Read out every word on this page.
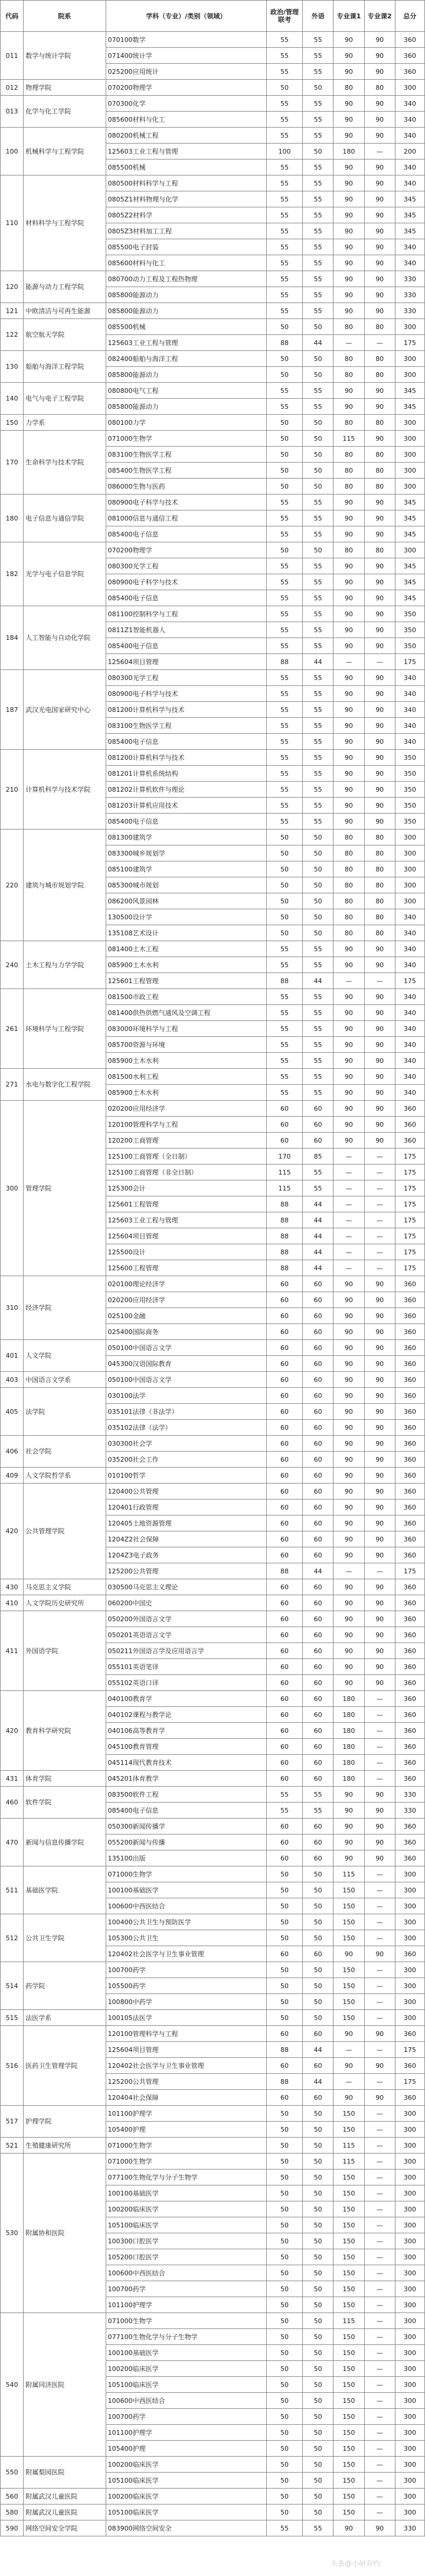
代码	院系	学科（专业）/类别（领域）	政治/管理联考	外语	专业课1	专业课2	总分
011	数学与统计学院	070100数学	55	55	90	90	360
		071400统计学	55	55	90	90	360
		025200应用统计	55	55	90	90	360
012	物理学院	070200物理学	50	50	80	80	300
013	化学与化工学院	070300化学	55	55	90	90	340
		085600材料与化工	55	55	90	90	340
100	机械科学与工程学院	080200机械工程	55	55	90	90	340
		125603工业工程与管理	100	50	180	—	200
		085500机械	55	55	90	90	340
110	材料科学与工程学院	080500材料科学与工程	55	55	90	90	340
		0805Z1材料物理与化学	55	55	90	90	345
		0805Z2材料学	55	55	90	90	345
		0805Z3材料加工工程	55	55	90	90	345
		085500电子封装	55	55	90	90	340
		085600材料与化工	55	55	90	90	340
120	能源与动力工程学院	080700动力工程及工程热物理	55	55	90	90	330
		085800能源动力	55	55	90	90	330
121	中欧清洁与可再生能源	085800能源动力	55	55	90	90	330
122	航空航天学院	085500机械	50	50	80	80	300
		125603工业工程与管理	88	44	—	—	175
130	船舶与海洋工程学院	082400船舶与海洋工程	50	50	80	80	300
		085800能源动力	50	50	80	80	300
140	电气与电子工程学院	080800电气工程	55	55	90	90	345
		085800能源动力	55	55	90	90	345
150	力学系	080100力学	50	50	80	80	300
170	生命科学与技术学院	071000生物学	50	50	115	90	300
		083100生物医学工程	50	50	80	80	300
		085400生物医学工程	50	50	80	80	300
		086000生物与医药	50	50	80	80	300
180	电子信息与通信学院	080900电子科学与技术	55	55	90	90	345
		081000信息与通信工程	55	55	90	90	345
		085400电子信息	55	55	90	90	345
182	光学与电子信息学院	070200物理学	50	50	80	80	300
		080300光学工程	55	55	90	90	345
		080900电子科学与技术	55	55	90	90	345
		085400电子信息	55	55	90	90	345
184	人工智能与自动化学院	081100控制科学与工程	55	55	90	90	350
		0811Z1智能机器人	55	55	90	90	350
		085400电子信息	55	55	90	90	350
		125604项目管理	88	44	—	—	175
187	武汉光电国家研究中心	080300光学工程	55	55	90	90	340
		080900电子科学与技术	55	55	90	90	340
		081200计算机科学与技术	55	55	90	90	340
		083100生物医学工程	55	55	90	90	340
		085400电子信息	55	55	90	90	340
210	计算机科学与技术学院	081200计算机科学与技术	55	55	90	90	350
		081201计算机系统结构	55	55	90	90	350
		081202计算机软件与理论	55	55	90	90	350
		081203计算机应用技术	55	55	90	90	350
		085400电子信息	55	55	90	90	350
220	建筑与城市规划学院	081300建筑学	50	50	80	80	300
		083300城乡规划学	50	50	80	80	300
		085100建筑学	50	50	80	80	300
		085300城市规划	50	50	80	80	300
		086200风景园林	50	50	80	80	300
		130500设计学	50	50	80	80	340
		135108艺术设计	50	50	80	80	340
240	土木工程与力学学院	081400土木工程	55	55	90	90	340
		085900土木水利	55	55	90	90	340
		125601工程管理	88	44	—	—	175
261	环境科学与工程学院	081500市政工程	55	55	90	90	340
		081400供热供燃气通风及空调工程	55	55	90	90	340
		083000环境科学与工程	55	55	90	90	340
		085700资源与环境	55	55	90	90	340
		085900土木水利	55	55	90	90	340
271	水电与数字化工程学院	081500水利工程	55	55	90	90	340
		085900土木水利	55	55	90	90	340
300	管理学院	020200应用经济学	60	60	90	90	360
		120100管理科学与工程	60	60	90	90	360
		120200工商管理	60	60	90	90	360
		125100工商管理（全日制）	170	85	—	—	175
		125100工商管理（非全日制）	115	55	—	—	175
		125300会计	115	55	—	—	175
		125601工程管理	88	44	—	—	175
		125603工业工程与管理	88	44	—	—	175
		125604项目管理	88	44	—	—	175
		125500设计	88	44	—	—	175
		125600工程管理	88	44	—	—	175
310	经济学院	020100理论经济学	60	60	90	90	360
		020200应用经济学	60	60	90	90	360
		025100金融	60	60	90	90	360
		025400国际商务	60	60	90	90	360
401	人文学院	050100中国语言文学	60	60	90	90	360
		045300汉语国际教育	60	60	90	90	360
403	中国语言文学系	050100中国语言文学	60	60	90	90	360
405	法学院	030100法学	60	60	90	90	360
		035101法律（非法学）	60	60	90	90	360
		035102法律（法学）	60	60	90	90	360
406	社会学院	030300社会学	60	60	90	90	360
		035200社会工作	60	60	90	90	360
409	人文学院哲学系	010100哲学	60	60	90	90	360
420	公共管理学院	120400公共管理	60	60	90	90	360
		120401行政管理	60	60	90	90	360
		120405土地资源管理	60	60	90	90	360
		1204Z2社会保障	60	60	90	90	360
		1204Z3电子政务	60	60	90	90	360
		125200公共管理	88	44	—	—	175
430	马克思主义学院	030500马克思主义理论	60	60	90	90	360
410	人文学院历史研究所	060200中国史	60	60	90	90	360
411	外国语学院	050200外国语言文学	60	60	90	90	360
		050201英语语言文学	60	60	90	90	360
		050211外国语言学及应用语言学	60	60	90	90	360
		055101英语笔译	60	60	90	90	360
		055102英语口译	60	60	90	90	360
420	教育科学研究院	040100教育学	60	60	180	—	360
		040102课程与教学论	60	60	180	—	360
		040106高等教育学	60	60	180	—	360
		045100教育管理	60	60	180	—	360
		045114现代教育技术	60	60	180	—	360
431	体育学院	045201体育教学	60	60	180	—	360
460	软件学院	083500软件工程	55	55	90	90	330
		085400电子信息	55	55	90	90	330
470	新闻与信息传播学院	050300新闻传播学	60	60	90	90	360
		055200新闻与传播	60	60	90	90	360
		135100出版	60	60	90	90	360
511	基础医学院	071000生物学	50	50	115	—	300
		100100基础医学	50	50	150	—	300
		100600中西医结合	50	50	150	—	300
512	公共卫生学院	100400公共卫生与预防医学	50	50	150	—	300
		105300公共卫生	50	50	150	—	300
		120402社会医学与卫生事业管理	60	60	90	90	360
514	药学院	100700药学	50	50	150	—	300
		105500药学	50	50	150	—	300
		100800中药学	50	50	150	—	300
515	法医学系	100105法医学	50	50	150	—	300
516	医药卫生管理学院	120100管理科学与工程	60	60	90	90	360
		125604项目管理	88	44	—	—	175
		120402社会医学与卫生事业管理	60	60	90	90	360
		125200公共管理	88	44	—	—	175
		120404社会保障	60	60	90	90	360
517	护理学院	101100护理学	50	50	150	—	300
		105400护理	50	50	150	—	300
521	生殖健康研究所	071000生物学	50	50	115	—	300
530	附属协和医院	071000生物学	50	50	115	—	300
		077100生物化学与分子生物学	50	50	150	—	300
		100100基础医学	50	50	150	—	300
		100200临床医学	50	50	150	—	300
		105100临床医学	50	50	150	—	300
		100300口腔医学	50	50	150	—	300
		105200口腔医学	50	50	150	—	300
		100600中西医结合	50	50	150	—	300
		100700药学	50	50	150	—	300
		101100护理学	50	50	150	—	300
540	附属同济医院	071000生物学	50	50	115	—	300
		077100生物化学与分子生物学	50	50	150	—	300
		100100基础医学	50	50	150	—	300
		100200临床医学	50	50	150	—	300
		105100临床医学	50	50	150	—	300
		100600中西医结合	50	50	150	—	300
		100700药学	50	50	150	—	300
		101100护理学	50	50	150	—	300
		105400护理	50	50	150	—	300
550	附属梨园医院	100200临床医学	50	50	150	—	300
		105100临床医学	50	50	150	—	300
560	附属武汉儿童医院	100200临床医学	50	50	150	—	300
580	附属武汉儿童医院	105100临床医学	50	50	150	—	300
590	网络空间安全学院	083900网络空间安全	55	55	90	90	330
头条@小研有约
